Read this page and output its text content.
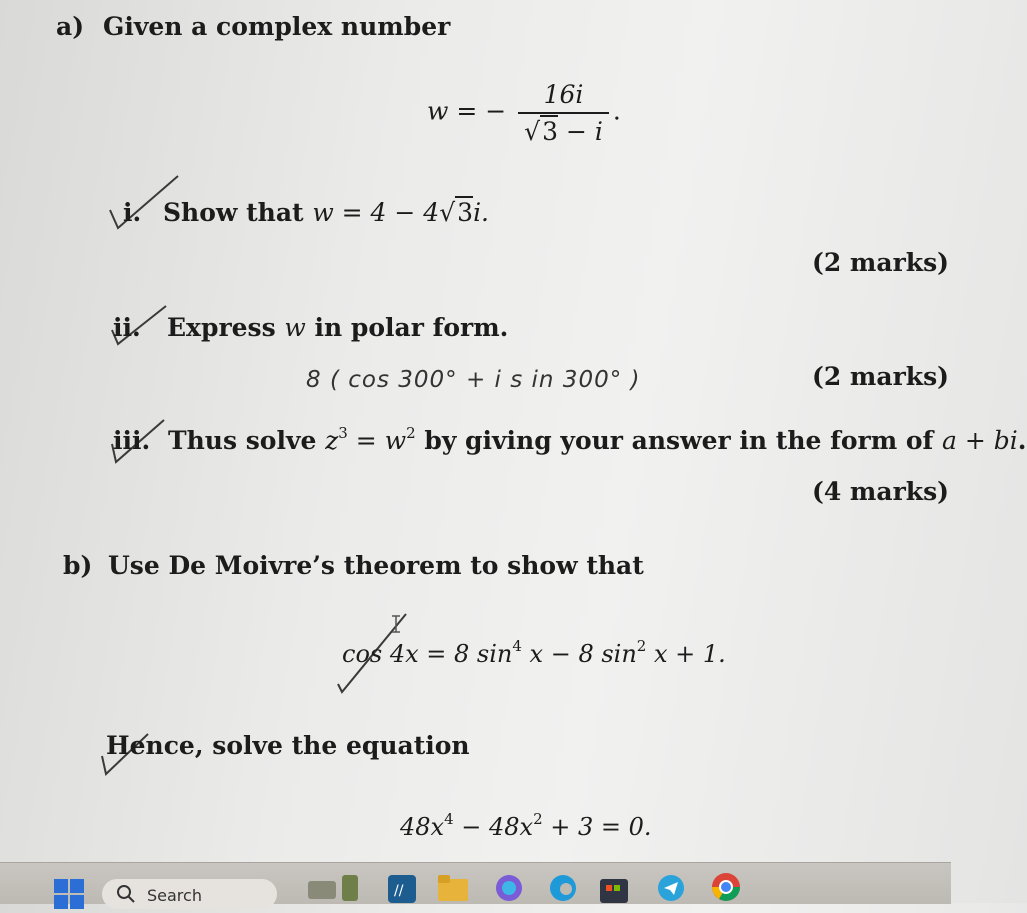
a) Given a complex number
w = − $\frac{16i}{√3 - i}$ .
i. Show that w = 4 − 4√3i.
(2 marks)
ii. Express w in polar form.
8 ( cos 300° + i s in 300° )	(2 marks)
iii. Thus solve $z^3 = w^2$ by giving your answer in the form of a + bi.
(4 marks)
b) Use De Moivre’s theorem to show that
cos 4x = 8 $\sin^4 x - 8$ $\sin^2 x + 1$.
Hence, solve the equation
$48x^4 - 48x^2 + 3 = 0$.
Search	//
